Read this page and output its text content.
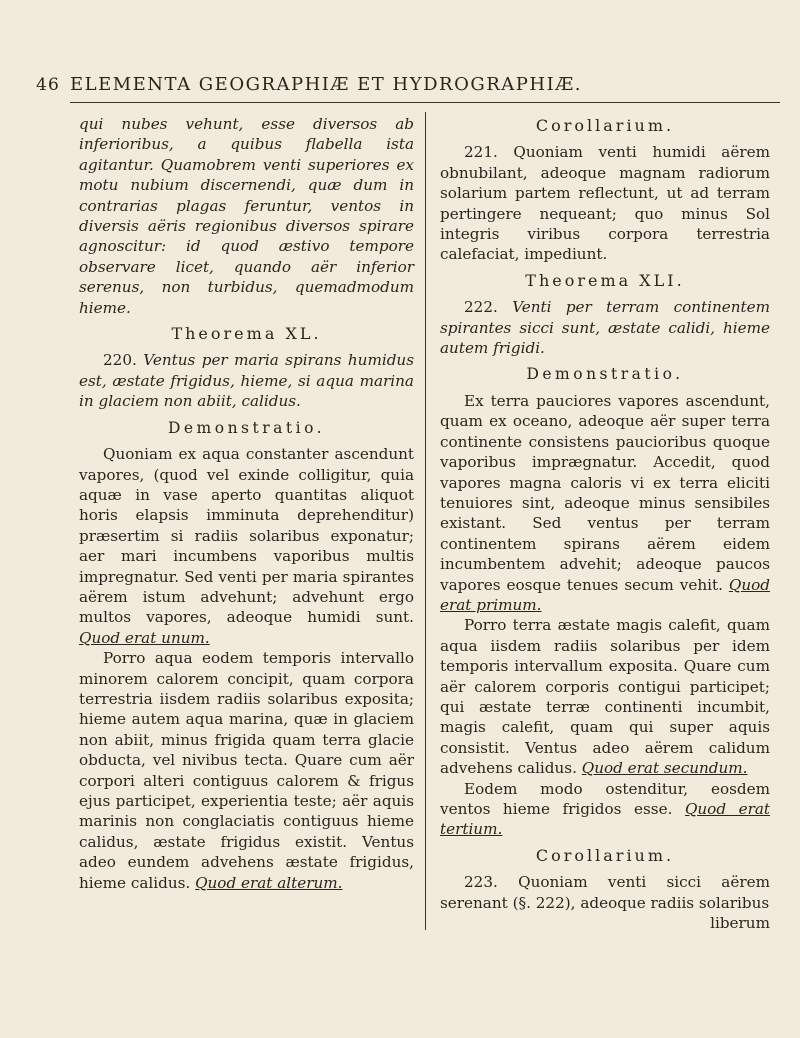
46 ELEMENTA GEOGRAPHIÆ ET HYDROGRAPHIÆ.

qui nubes vehunt, esse diversos ab inferioribus, a quibus flabella ista agitantur. Quamobrem venti superiores ex motu nubium discernendi, quæ dum in contrarias plagas feruntur, ventos in diversis aëris regionibus diversos spirare agnoscitur: id quod æstivo tempore observare licet, quando aër inferior serenus, non turbidus, quemadmodum hieme.

Theorema XL.

220. Ventus per maria spirans humidus est, æstate frigidus, hieme, si aqua marina in glaciem non abiit, calidus.

Demonstratio.

Quoniam ex aqua constanter ascendunt vapores, (quod vel exinde colligitur, quia aquæ in vase aperto quantitas aliquot horis elapsis imminuta deprehenditur) præsertim si radiis solaribus exponatur; aer mari incumbens vaporibus multis impregnatur. Sed venti per maria spirantes aërem istum advehunt; advehunt ergo multos vapores, adeoque humidi sunt. Quod erat unum.

Porro aqua eodem temporis intervallo minorem calorem concipit, quam corpora terrestria iisdem radiis solaribus exposita; hieme autem aqua marina, quæ in glaciem non abiit, minus frigida quam terra glacie obducta, vel nivibus tecta. Quare cum aër corpori alteri contiguus calorem & frigus ejus participet, experientia teste; aër aquis marinis non conglaciatis contiguus hieme calidus, æstate frigidus existit. Ventus adeo eundem advehens æstate frigidus, hieme calidus. Quod erat alterum.

Corollarium.

221. Quoniam venti humidi aërem obnubilant, adeoque magnam radiorum solarium partem reflectunt, ut ad terram pertingere nequeant; quo minus Sol integris viribus corpora terrestria calefaciat, impediunt.

Theorema XLI.

222. Venti per terram continentem spirantes sicci sunt, æstate calidi, hieme autem frigidi.

Demonstratio.

Ex terra pauciores vapores ascendunt, quam ex oceano, adeoque aër super terra continente consistens paucioribus quoque vaporibus imprægnatur. Accedit, quod vapores magna caloris vi ex terra eliciti tenuiores sint, adeoque minus sensibiles existant. Sed ventus per terram continentem spirans aërem eidem incumbentem advehit; adeoque paucos vapores eosque tenues secum vehit. Quod erat primum.

Porro terra æstate magis calefit, quam aqua iisdem radiis solaribus per idem temporis intervallum exposita. Quare cum aër calorem corporis contigui participet; qui æstate terræ continenti incumbit, magis calefit, quam qui super aquis consistit. Ventus adeo aërem calidum advehens calidus. Quod erat secundum.

Eodem modo ostenditur, eosdem ventos hieme frigidos esse. Quod erat tertium.

Corollarium.

223. Quoniam venti sicci aërem serenant (§. 222), adeoque radiis solaribus

liberum
